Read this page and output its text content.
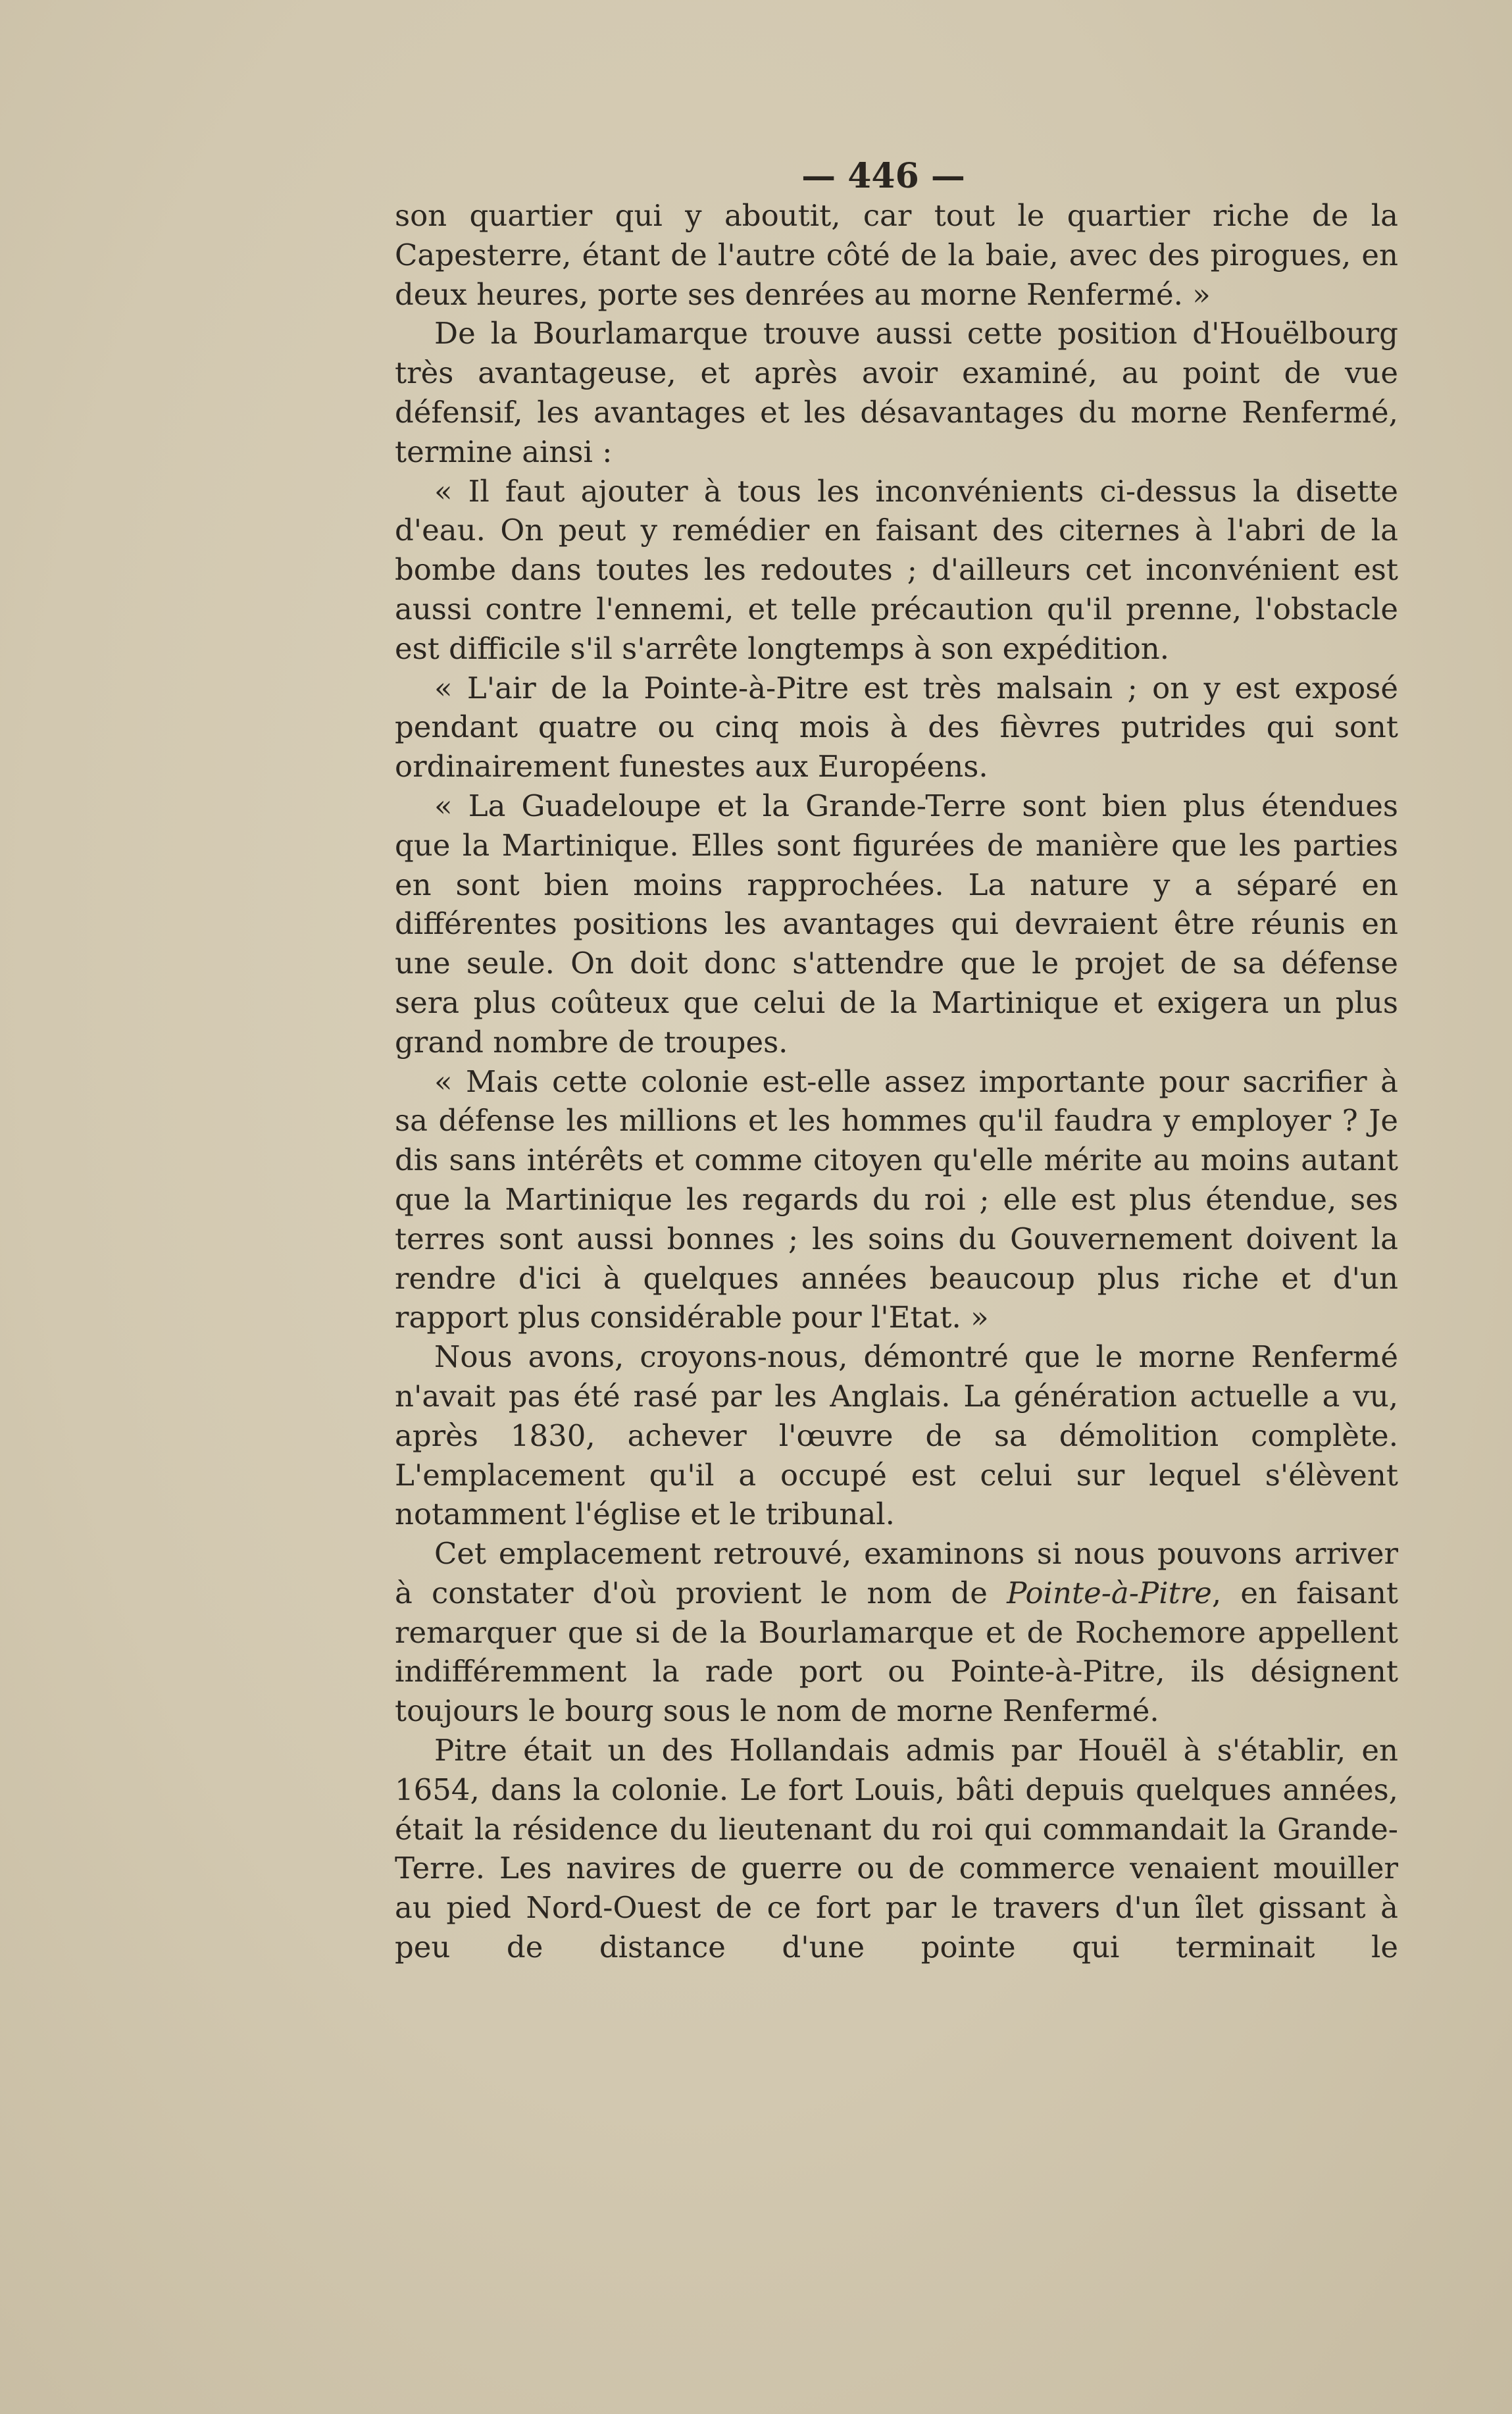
— 446 —

son quartier qui y aboutit, car tout le quartier riche de la Capesterre, étant de l'autre côté de la baie, avec des pirogues, en deux heures, porte ses denrées au morne Renfermé. »

De la Bourlamarque trouve aussi cette position d'Houëlbourg très avantageuse, et après avoir examiné, au point de vue défensif, les avantages et les désavantages du morne Renfermé, termine ainsi :

« Il faut ajouter à tous les inconvénients ci-dessus la disette d'eau. On peut y remédier en faisant des citernes à l'abri de la bombe dans toutes les redoutes ; d'ailleurs cet inconvénient est aussi contre l'ennemi, et telle précaution qu'il prenne, l'obstacle est difficile s'il s'arrête longtemps à son expédition.

« L'air de la Pointe-à-Pitre est très malsain ; on y est exposé pendant quatre ou cinq mois à des fièvres putrides qui sont ordinairement funestes aux Européens.

« La Guadeloupe et la Grande-Terre sont bien plus étendues que la Martinique. Elles sont figurées de manière que les parties en sont bien moins rapprochées. La nature y a séparé en différentes positions les avantages qui devraient être réunis en une seule. On doit donc s'attendre que le projet de sa défense sera plus coûteux que celui de la Martinique et exigera un plus grand nombre de troupes.

« Mais cette colonie est-elle assez importante pour sacrifier à sa défense les millions et les hommes qu'il faudra y employer ? Je dis sans intérêts et comme citoyen qu'elle mérite au moins autant que la Martinique les regards du roi ; elle est plus étendue, ses terres sont aussi bonnes ; les soins du Gouvernement doivent la rendre d'ici à quelques années beaucoup plus riche et d'un rapport plus considérable pour l'Etat. »

Nous avons, croyons-nous, démontré que le morne Renfermé n'avait pas été rasé par les Anglais. La génération actuelle a vu, après 1830, achever l'œuvre de sa démolition complète. L'emplacement qu'il a occupé est celui sur lequel s'élèvent notamment l'église et le tribunal.

Cet emplacement retrouvé, examinons si nous pouvons arriver à constater d'où provient le nom de Pointe-à-Pitre, en faisant remarquer que si de la Bourlamarque et de Rochemore appellent indifféremment la rade port ou Pointe-à-Pitre, ils désignent toujours le bourg sous le nom de morne Renfermé.

Pitre était un des Hollandais admis par Houël à s'établir, en 1654, dans la colonie. Le fort Louis, bâti depuis quelques années, était la résidence du lieutenant du roi qui commandait la Grande-Terre. Les navires de guerre ou de commerce venaient mouiller au pied Nord-Ouest de ce fort par le travers d'un îlet gissant à peu de distance d'une pointe qui terminait le
